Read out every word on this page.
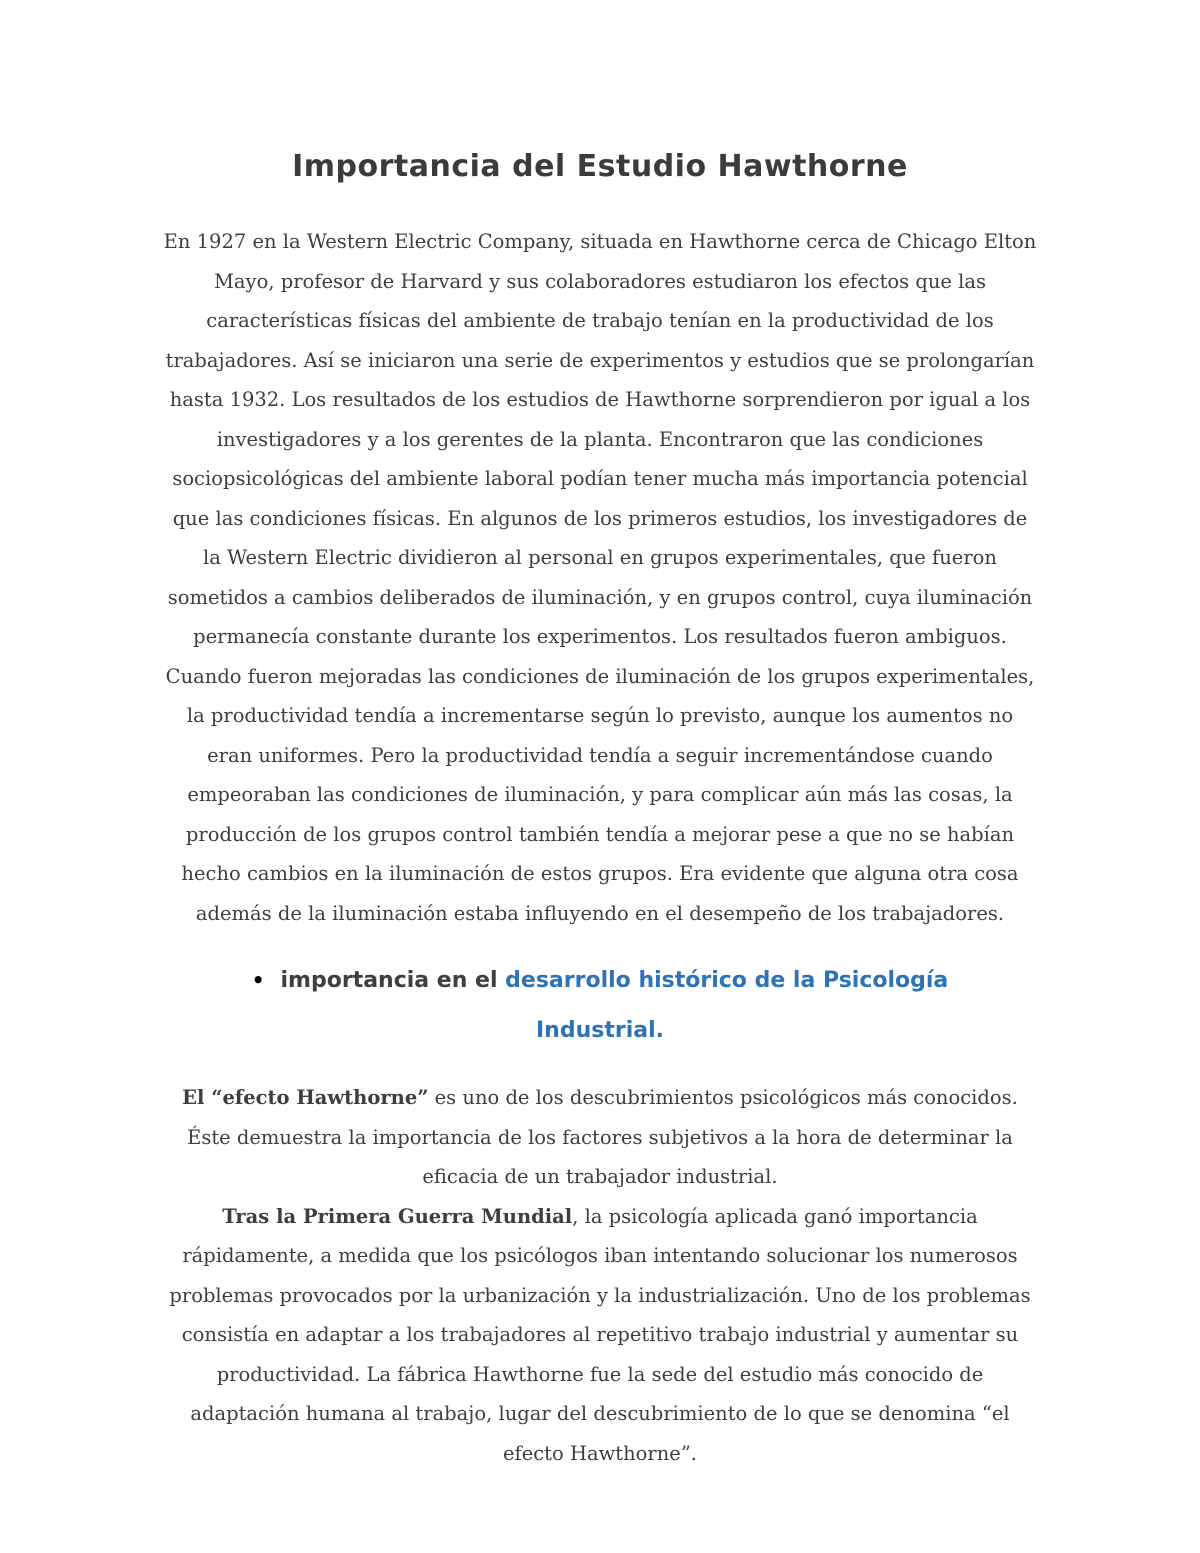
Importancia del Estudio Hawthorne

En 1927 en la Western Electric Company, situada en Hawthorne cerca de Chicago Elton Mayo, profesor de Harvard y sus colaboradores estudiaron los efectos que las características físicas del ambiente de trabajo tenían en la productividad de los trabajadores. Así se iniciaron una serie de experimentos y estudios que se prolongarían hasta 1932. Los resultados de los estudios de Hawthorne sorprendieron por igual a los investigadores y a los gerentes de la planta. Encontraron que las condiciones sociopsicológicas del ambiente laboral podían tener mucha más importancia potencial que las condiciones físicas. En algunos de los primeros estudios, los investigadores de la Western Electric dividieron al personal en grupos experimentales, que fueron sometidos a cambios deliberados de iluminación, y en grupos control, cuya iluminación permanecía constante durante los experimentos. Los resultados fueron ambiguos. Cuando fueron mejoradas las condiciones de iluminación de los grupos experimentales, la productividad tendía a incrementarse según lo previsto, aunque los aumentos no eran uniformes. Pero la productividad tendía a seguir incrementándose cuando empeoraban las condiciones de iluminación, y para complicar aún más las cosas, la producción de los grupos control también tendía a mejorar pese a que no se habían hecho cambios en la iluminación de estos grupos. Era evidente que alguna otra cosa además de la iluminación estaba influyendo en el desempeño de los trabajadores.

• importancia en el desarrollo histórico de la Psicología Industrial.

El “efecto Hawthorne” es uno de los descubrimientos psicológicos más conocidos. Éste demuestra la importancia de los factores subjetivos a la hora de determinar la eficacia de un trabajador industrial.

Tras la Primera Guerra Mundial, la psicología aplicada ganó importancia rápidamente, a medida que los psicólogos iban intentando solucionar los numerosos problemas provocados por la urbanización y la industrialización. Uno de los problemas consistía en adaptar a los trabajadores al repetitivo trabajo industrial y aumentar su productividad. La fábrica Hawthorne fue la sede del estudio más conocido de adaptación humana al trabajo, lugar del descubrimiento de lo que se denomina “el efecto Hawthorne”.
